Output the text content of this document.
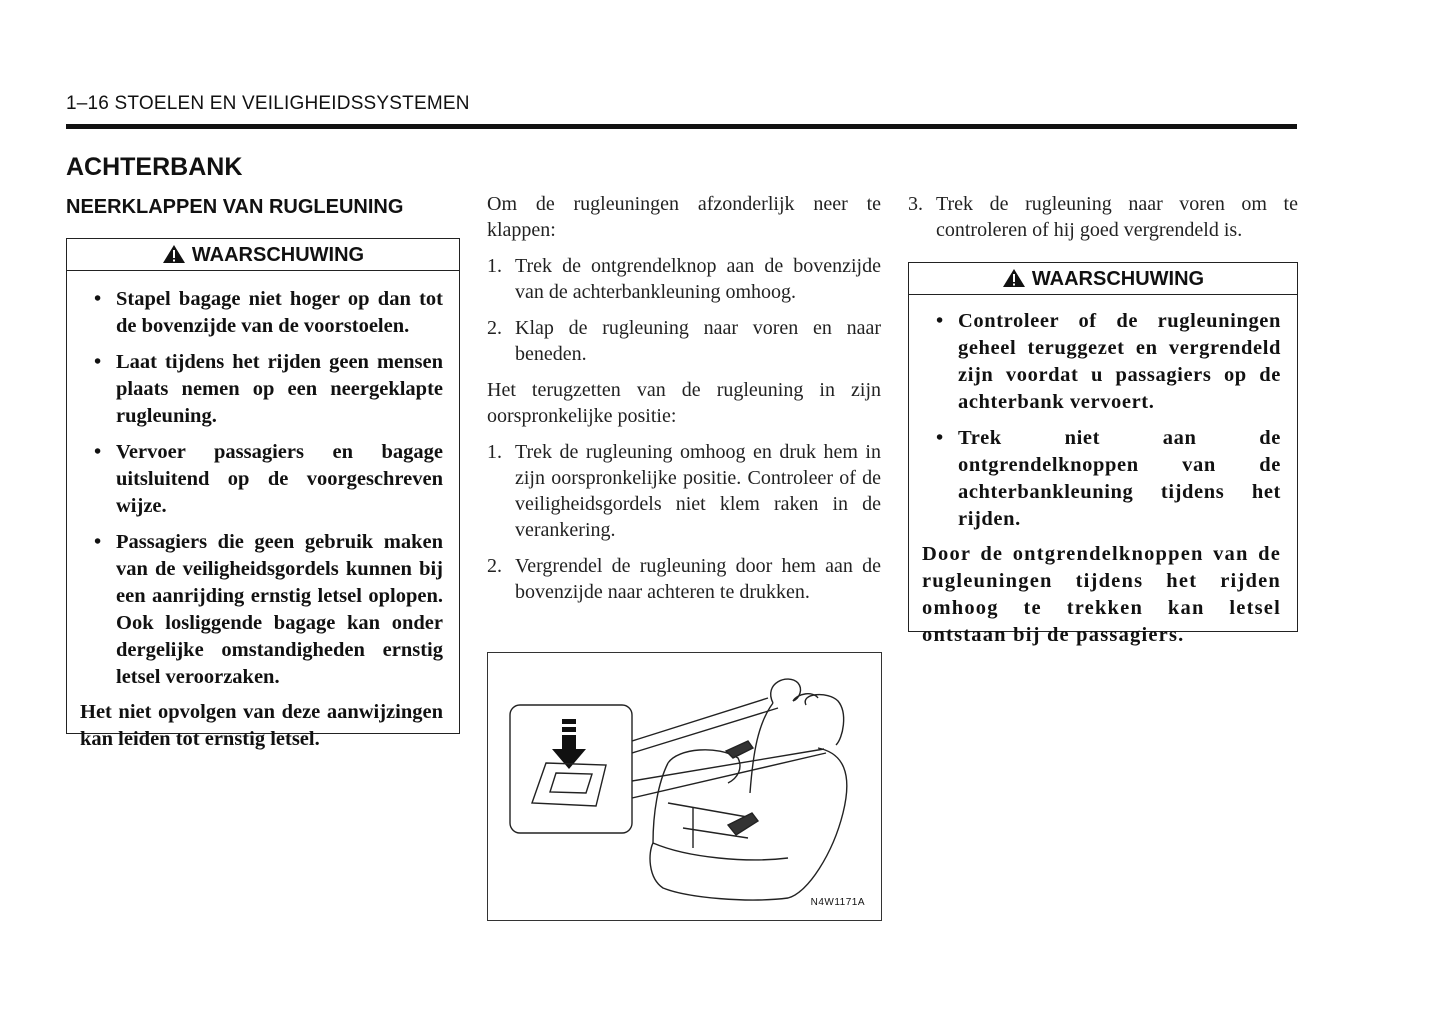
1–16 STOELEN EN VEILIGHEIDSSYSTEMEN
ACHTERBANK
NEERKLAPPEN VAN RUGLEUNING
WAARSCHUWING
• Stapel bagage niet hoger op dan tot de bovenzijde van de voorstoelen.
• Laat tijdens het rijden geen mensen plaats nemen op een neergeklapte rugleuning.
• Vervoer passagiers en bagage uitsluitend op de voorgeschreven wijze.
• Passagiers die geen gebruik maken van de veiligheidsgordels kunnen bij een aanrijding ernstig letsel oplopen. Ook losliggende bagage kan onder dergelijke omstandigheden ernstig letsel veroorzaken.

Het niet opvolgen van deze aanwijzingen kan leiden tot ernstig letsel.

Om de rugleuningen afzonderlijk neer te klappen:

1. Trek de ontgrendelknop aan de bovenzijde van de achterbankleuning omhoog.
2. Klap de rugleuning naar voren en naar beneden.

Het terugzetten van de rugleuning in zijn oorspronkelijke positie:

1. Trek de rugleuning omhoog en druk hem in zijn oorspronkelijke positie. Controleer of de veiligheidsgordels niet klem raken in de verankering.
2. Vergrendel de rugleuning door hem aan de bovenzijde naar achteren te drukken.
N4W1171A
3. Trek de rugleuning naar voren om te controleren of hij goed vergrendeld is.
WAARSCHUWING
• Controleer of de rugleuningen geheel teruggezet en vergrendeld zijn voordat u passagiers op de achterbank vervoert.
• Trek niet aan de ontgrendelknoppen van de achterbankleuning tijdens het rijden.

Door de ontgrendelknoppen van de rugleuningen tijdens het rijden omhoog te trekken kan letsel ontstaan bij de passagiers.
